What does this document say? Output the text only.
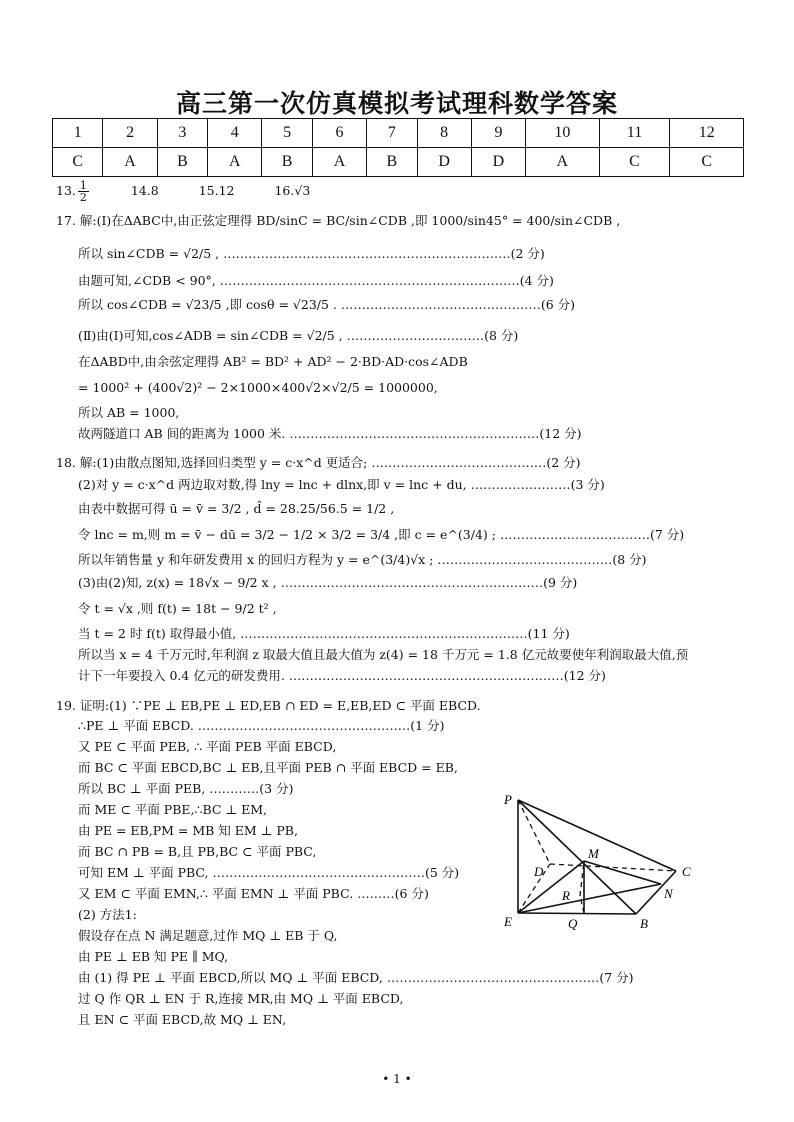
高三第一次仿真模拟考试理科数学答案
1	2	3	4	5	6	7	8	9	10	11	12
C	A	B	A	B	A	B	D	D	A	C	C
13. $\frac{1}{2}$	14.8	15.12	16.√3
17. 解:(Ⅰ)在ΔABC中,由正弦定理得 BD/sinC = BC/sin∠CDB ,即 1000/sin45° = 400/sin∠CDB ,
所以 sin∠CDB = √2/5 , ……………………………………………………………(2 分)
由题可知,∠CDB < 90°, ………………………………………………………………(4 分)
所以 cos∠CDB = √23/5 ,即 cosθ = √23/5 . …………………………………………(6 分)
(Ⅱ)由(Ⅰ)可知,cos∠ADB = sin∠CDB = √2/5 , ……………………………(8 分)
在ΔABD中,由余弦定理得 AB² = BD² + AD² − 2·BD·AD·cos∠ADB
= 1000² + (400√2)² − 2×1000×400√2×√2/5 = 1000000,
所以 AB = 1000,
故两隧道口 AB 间的距离为 1000 米. ……………………………………………………(12 分)
18. 解:(1)由散点图知,选择回归类型 y = c·x^d 更适合; ……………………………………(2 分)
(2)对 y = c·x^d 两边取对数,得 lny = lnc + dlnx,即 v = lnc + du, ……………………(3 分)
由表中数据可得 ū = v̄ = 3/2 , d̂ = 28.25/56.5 = 1/2 ,
令 lnc = m,则 m = v̄ − dū = 3/2 − 1/2 × 3/2 = 3/4 ,即 c = e^(3/4) ; ………………………………(7 分)
所以年销售量 y 和年研发费用 x 的回归方程为 y = e^(3/4)√x ; ……………………………………(8 分)
(3)由(2)知, z(x) = 18√x − 9/2 x , ………………………………………………………(9 分)
令 t = √x ,则 f(t) = 18t − 9/2 t² ,
当 t = 2 时 f(t) 取得最小值, ……………………………………………………………(11 分)
所以当 x = 4 千万元时,年利润 z 取最大值且最大值为 z(4) = 18 千万元 = 1.8 亿元故要使年利润取最大值,预
计下一年要投入 0.4 亿元的研发费用. …………………………………………………………(12 分)
19. 证明:(1) ∵PE ⊥ EB,PE ⊥ ED,EB ∩ ED = E,EB,ED ⊂ 平面 EBCD.
∴PE ⊥ 平面 EBCD. ……………………………………………(1 分)
又 PE ⊂ 平面 PEB, ∴ 平面 PEB 平面 EBCD,
而 BC ⊂ 平面 EBCD,BC ⊥ EB,且平面 PEB ∩ 平面 EBCD = EB,
所以 BC ⊥ 平面 PEB, …………(3 分)
而 ME ⊂ 平面 PBE,∴BC ⊥ EM,
由 PE = EB,PM = MB 知 EM ⊥ PB,
而 BC ∩ PB = B,且 PB,BC ⊂ 平面 PBC,
可知 EM ⊥ 平面 PBC, ……………………………………………(5 分)
又 EM ⊂ 平面 EMN,∴ 平面 EMN ⊥ 平面 PBC. ………(6 分)
(2) 方法1:
假设存在点 N 满足题意,过作 MQ ⊥ EB 于 Q,
由 PE ⊥ EB 知 PE ∥ MQ,
由 (1) 得 PE ⊥ 平面 EBCD,所以 MQ ⊥ 平面 EBCD, ……………………………………………(7 分)
过 Q 作 QR ⊥ EN 于 R,连接 MR,由 MQ ⊥ 平面 EBCD,
且 EN ⊂ 平面 EBCD,故 MQ ⊥ EN,
P
M
C
D
R	N
E	Q	B
• 1 •
